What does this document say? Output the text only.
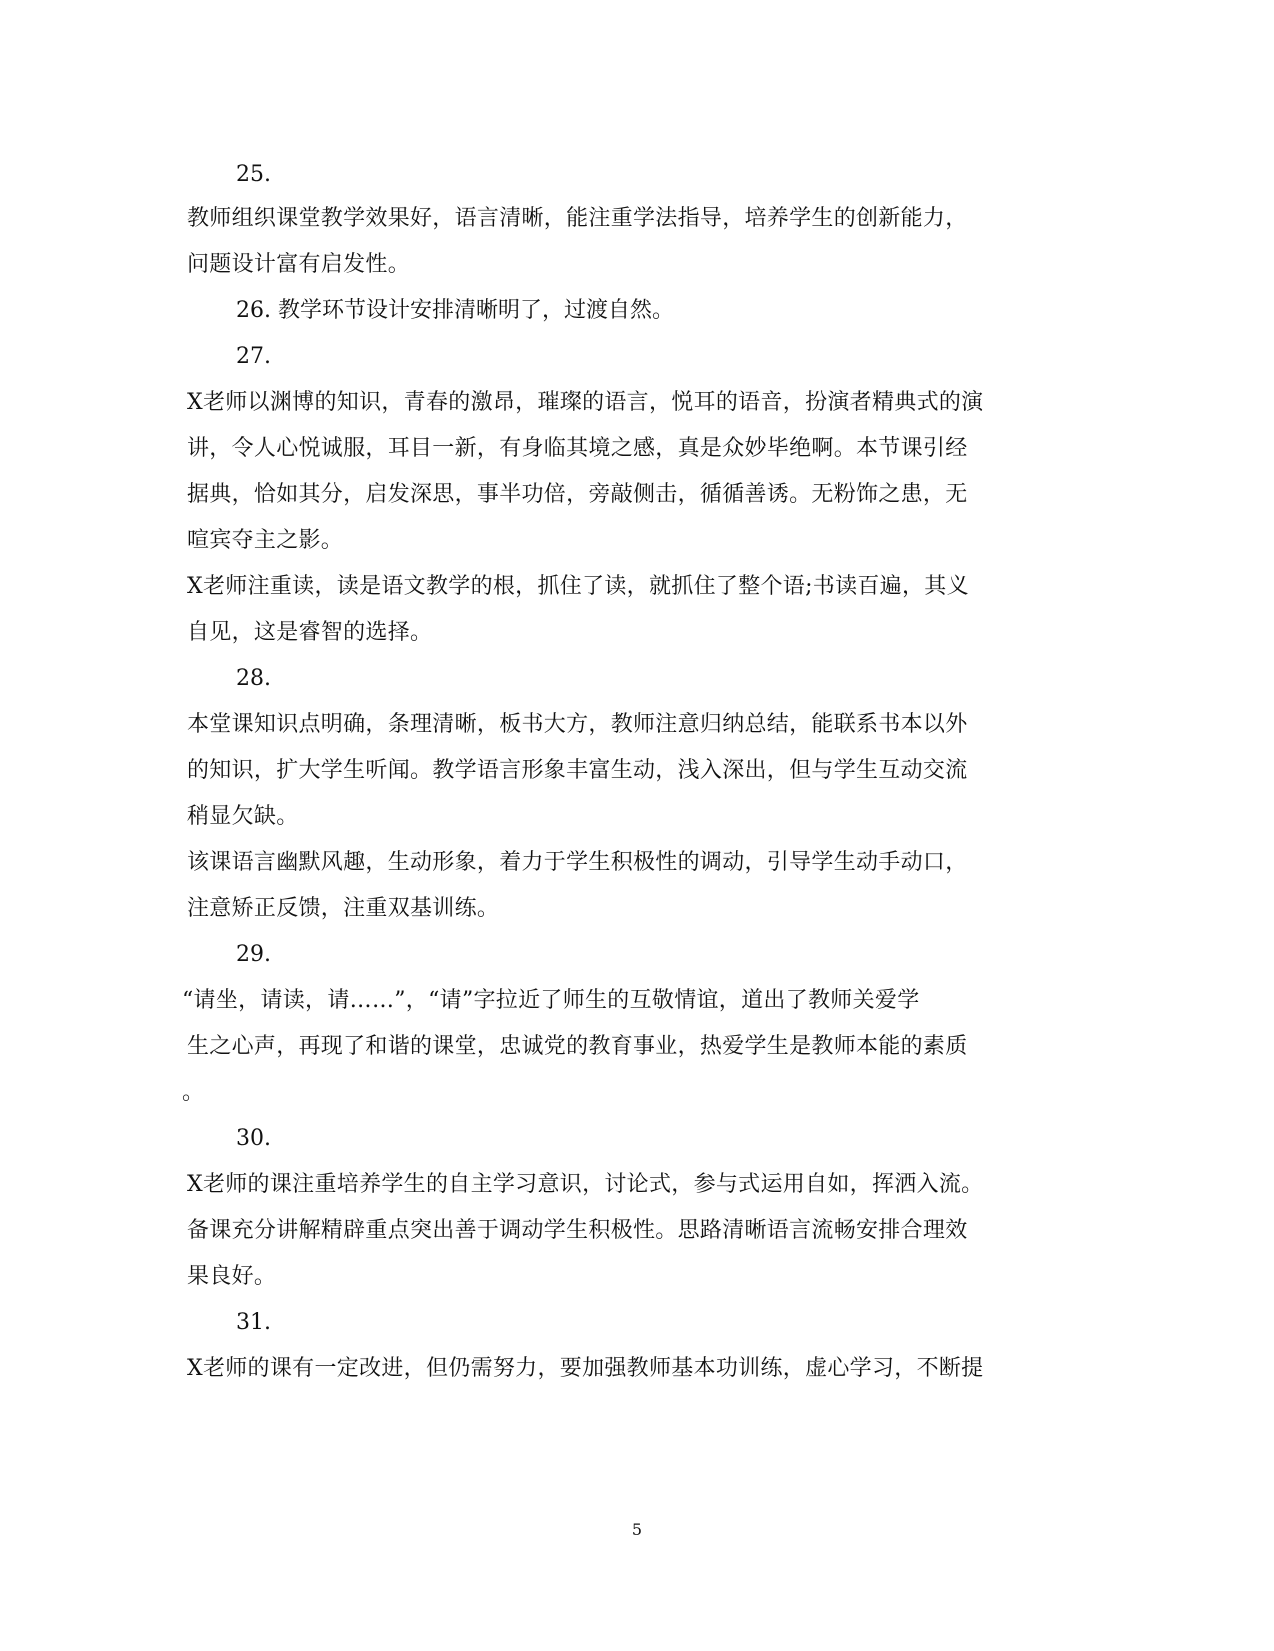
25.
教师组织课堂教学效果好，语言清晰，能注重学法指导，培养学生的创新能力，
问题设计富有启发性。
26. 教学环节设计安排清晰明了，过渡自然。
27.
X老师以渊博的知识，青春的激昂，璀璨的语言，悦耳的语音，扮演者精典式的演
讲，令人心悦诚服，耳目一新，有身临其境之感，真是众妙毕绝啊。本节课引经
据典，恰如其分，启发深思，事半功倍，旁敲侧击，循循善诱。无粉饰之患，无
喧宾夺主之影。
X老师注重读，读是语文教学的根，抓住了读，就抓住了整个语;书读百遍，其义
自见，这是睿智的选择。
28.
本堂课知识点明确，条理清晰，板书大方，教师注意归纳总结，能联系书本以外
的知识，扩大学生听闻。教学语言形象丰富生动，浅入深出，但与学生互动交流
稍显欠缺。
该课语言幽默风趣，生动形象，着力于学生积极性的调动，引导学生动手动口，
注意矫正反馈，注重双基训练。
29.
“请坐，请读，请……”，“请”字拉近了师生的互敬情谊，道出了教师关爱学
生之心声，再现了和谐的课堂，忠诚党的教育事业，热爱学生是教师本能的素质
。
30.
X老师的课注重培养学生的自主学习意识，讨论式，参与式运用自如，挥洒入流。
备课充分讲解精辟重点突出善于调动学生积极性。思路清晰语言流畅安排合理效
果良好。
31.
X老师的课有一定改进，但仍需努力，要加强教师基本功训练，虚心学习，不断提
5
